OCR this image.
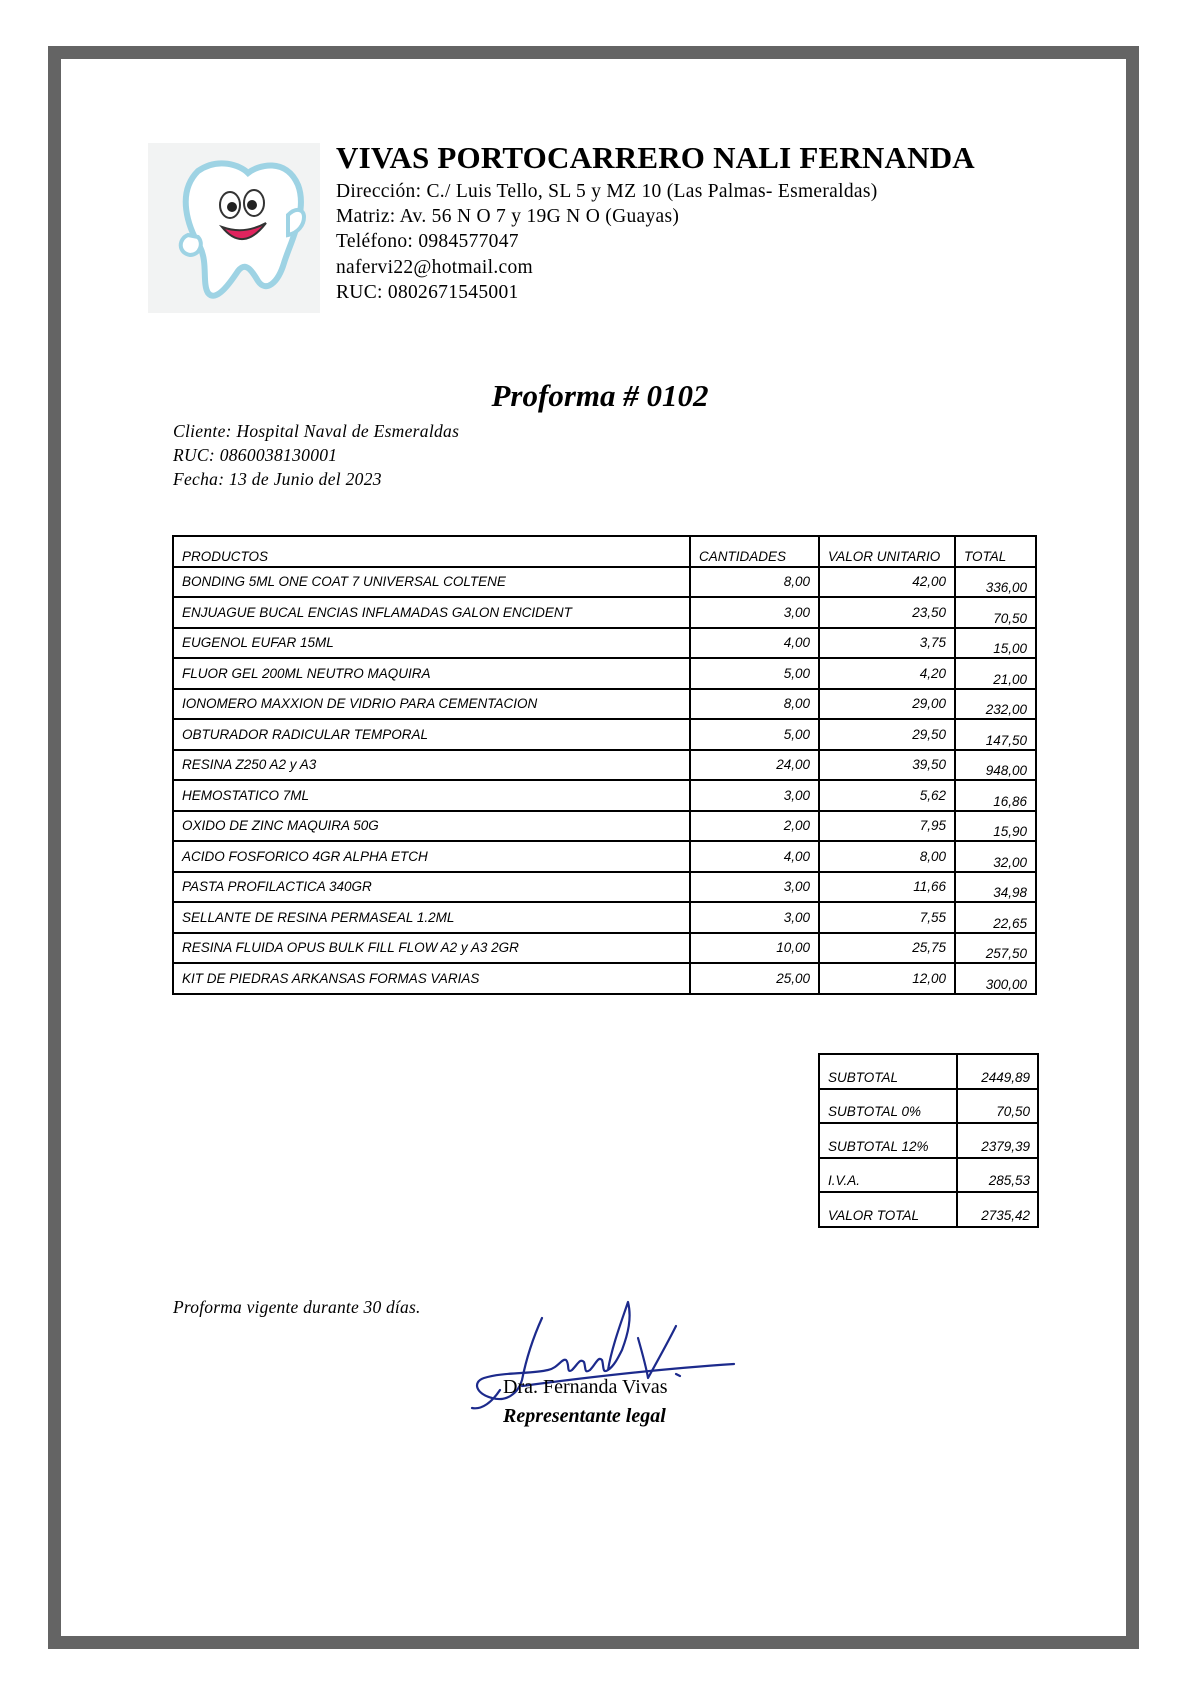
VIVAS PORTOCARRERO NALI FERNANDA
Dirección: C./ Luis Tello, SL 5 y MZ 10 (Las Palmas- Esmeraldas)
Matriz: Av. 56 N O 7 y 19G N O (Guayas)
Teléfono: 0984577047
nafervi22@hotmail.com
RUC: 0802671545001
Proforma # 0102
Cliente: Hospital Naval de Esmeraldas
RUC: 0860038130001
Fecha: 13 de Junio del 2023
PRODUCTOS	CANTIDADES	VALOR UNITARIO	TOTAL
BONDING 5ML ONE COAT 7 UNIVERSAL COLTENE	8,00	42,00	336,00
ENJUAGUE BUCAL ENCIAS INFLAMADAS GALON ENCIDENT	3,00	23,50	70,50
EUGENOL EUFAR 15ML	4,00	3,75	15,00
FLUOR GEL 200ML NEUTRO MAQUIRA	5,00	4,20	21,00
IONOMERO MAXXION DE VIDRIO PARA CEMENTACION	8,00	29,00	232,00
OBTURADOR RADICULAR TEMPORAL	5,00	29,50	147,50
RESINA Z250 A2 y A3	24,00	39,50	948,00
HEMOSTATICO 7ML	3,00	5,62	16,86
OXIDO DE ZINC MAQUIRA 50G	2,00	7,95	15,90
ACIDO FOSFORICO 4GR ALPHA ETCH	4,00	8,00	32,00
PASTA PROFILACTICA 340GR	3,00	11,66	34,98
SELLANTE DE RESINA PERMASEAL 1.2ML	3,00	7,55	22,65
RESINA FLUIDA OPUS BULK FILL FLOW A2 y A3 2GR	10,00	25,75	257,50
KIT DE PIEDRAS ARKANSAS FORMAS VARIAS	25,00	12,00	300,00
SUBTOTAL	2449,89
SUBTOTAL 0%	70,50
SUBTOTAL 12%	2379,39
I.V.A.	285,53
VALOR TOTAL	2735,42
Proforma vigente durante 30 días.
Dra. Fernanda Vivas
Representante legal
